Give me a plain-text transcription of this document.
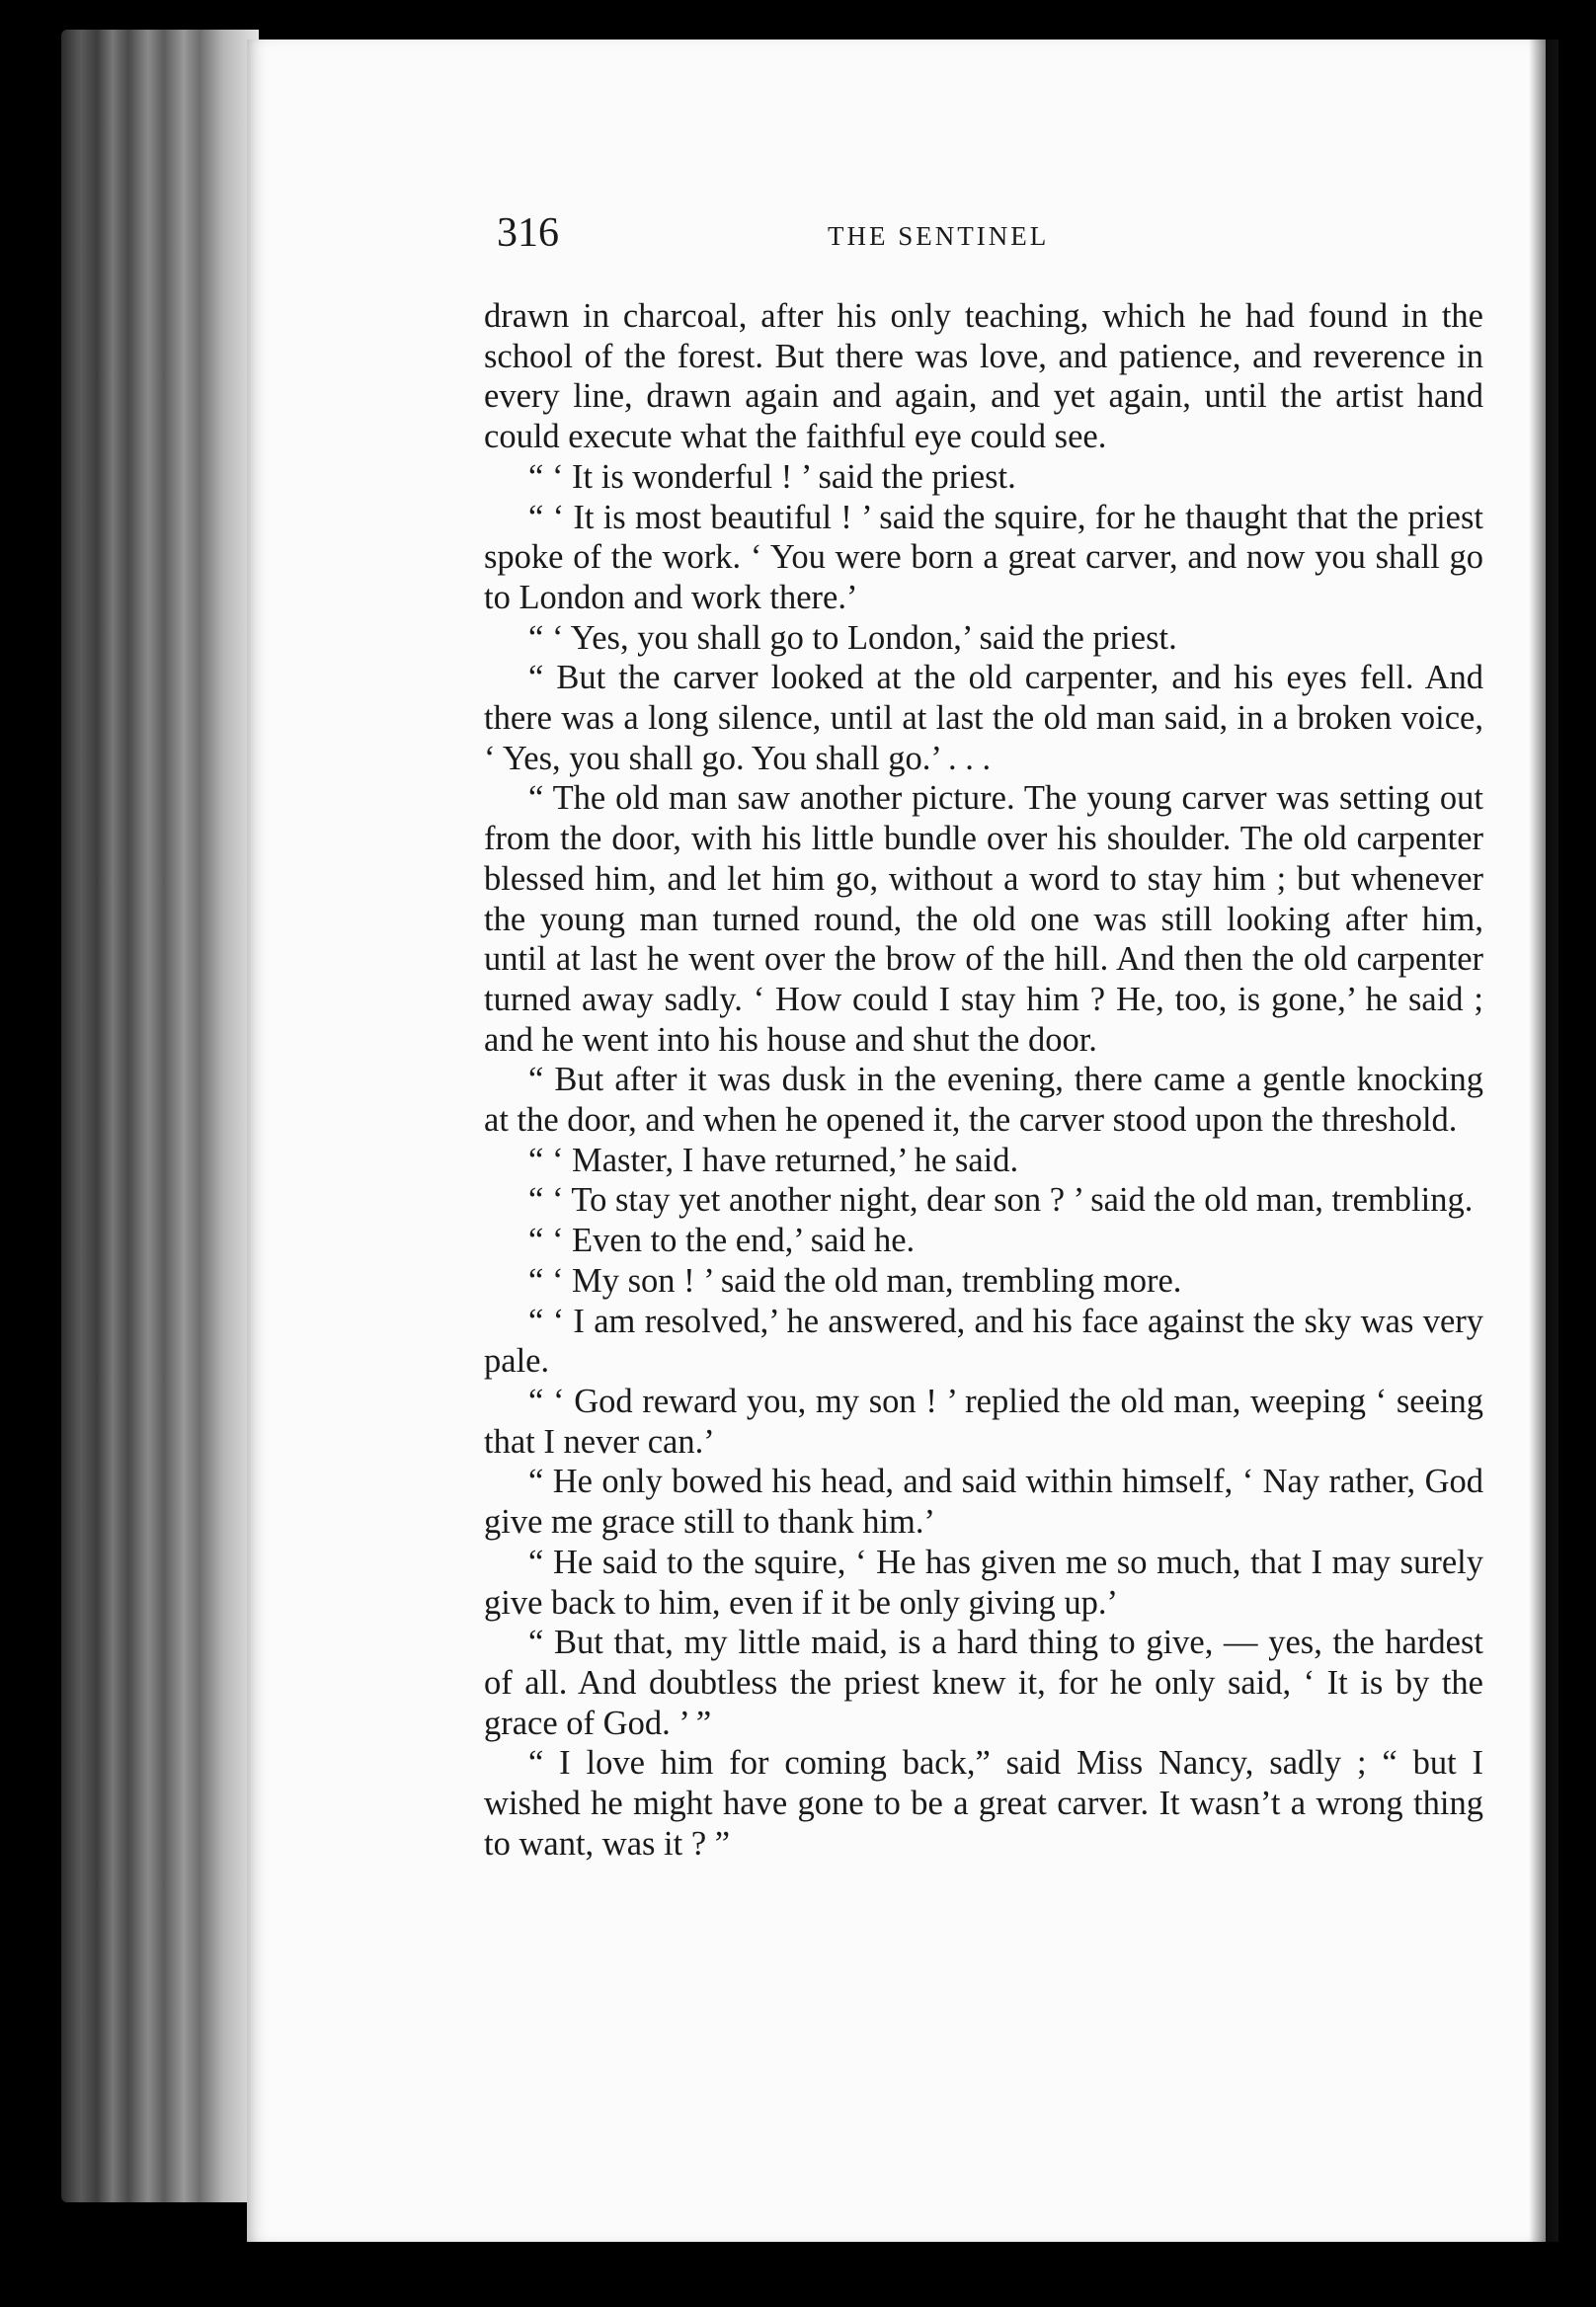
316	THE SENTINEL

drawn in charcoal, after his only teaching, which he had found in the school of the forest. But there was love, and patience, and reverence in every line, drawn again and again, and yet again, until the artist hand could execute what the faithful eye could see.

“ ‘ It is wonderful ! ’ said the priest.

“ ‘ It is most beautiful ! ’ said the squire, for he thaught that the priest spoke of the work. ‘ You were born a great carver, and now you shall go to London and work there.’

“ ‘ Yes, you shall go to London,’ said the priest.

“ But the carver looked at the old carpenter, and his eyes fell. And there was a long silence, until at last the old man said, in a broken voice, ‘ Yes, you shall go. You shall go.’ . . .

“ The old man saw another picture. The young carver was setting out from the door, with his little bundle over his shoulder. The old carpenter blessed him, and let him go, without a word to stay him ; but whenever the young man turned round, the old one was still looking after him, until at last he went over the brow of the hill. And then the old carpenter turned away sadly. ‘ How could I stay him ? He, too, is gone,’ he said ; and he went into his house and shut the door.

“ But after it was dusk in the evening, there came a gentle knocking at the door, and when he opened it, the carver stood upon the threshold.

“ ‘ Master, I have returned,’ he said.

“ ‘ To stay yet another night, dear son ? ’ said the old man, trembling.

“ ‘ Even to the end,’ said he.

“ ‘ My son ! ’ said the old man, trembling more.

“ ‘ I am resolved,’ he answered, and his face against the sky was very pale.

“ ‘ God reward you, my son ! ’ replied the old man, weeping ‘ seeing that I never can.’

“ He only bowed his head, and said within himself, ‘ Nay rather, God give me grace still to thank him.’

“ He said to the squire, ‘ He has given me so much, that I may surely give back to him, even if it be only giving up.’

“ But that, my little maid, is a hard thing to give, — yes, the hardest of all. And doubtless the priest knew it, for he only said, ‘ It is by the grace of God. ’ ”

“ I love him for coming back,” said Miss Nancy, sadly ; “ but I wished he might have gone to be a great carver. It wasn’t a wrong thing to want, was it ? ”
